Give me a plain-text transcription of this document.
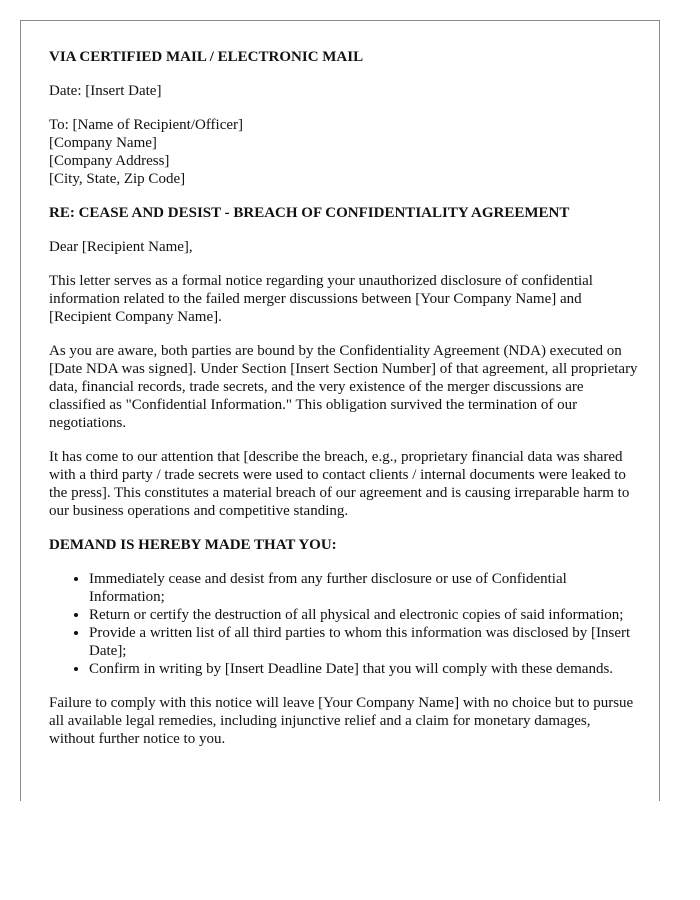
VIA CERTIFIED MAIL / ELECTRONIC MAIL

Date: [Insert Date]

To: [Name of Recipient/Officer]

[Company Name]

[Company Address]

[City, State, Zip Code]

RE: CEASE AND DESIST - BREACH OF CONFIDENTIALITY AGREEMENT

Dear [Recipient Name],

This letter serves as a formal notice regarding your unauthorized disclosure of confidential information related to the failed merger discussions between [Your Company Name] and [Recipient Company Name].

As you are aware, both parties are bound by the Confidentiality Agreement (NDA) executed on [Date NDA was signed]. Under Section [Insert Section Number] of that agreement, all proprietary data, financial records, trade secrets, and the very existence of the merger discussions are classified as "Confidential Information." This obligation survived the termination of our negotiations.

It has come to our attention that [describe the breach, e.g., proprietary financial data was shared with a third party / trade secrets were used to contact clients / internal documents were leaked to the press]. This constitutes a material breach of our agreement and is causing irreparable harm to our business operations and competitive standing.

DEMAND IS HEREBY MADE THAT YOU:
• Immediately cease and desist from any further disclosure or use of Confidential Information;
• Return or certify the destruction of all physical and electronic copies of said information;
• Provide a written list of all third parties to whom this information was disclosed by [Insert Date];
• Confirm in writing by [Insert Deadline Date] that you will comply with these demands.

Failure to comply with this notice will leave [Your Company Name] with no choice but to pursue all available legal remedies, including injunctive relief and a claim for monetary damages, without further notice to you.
